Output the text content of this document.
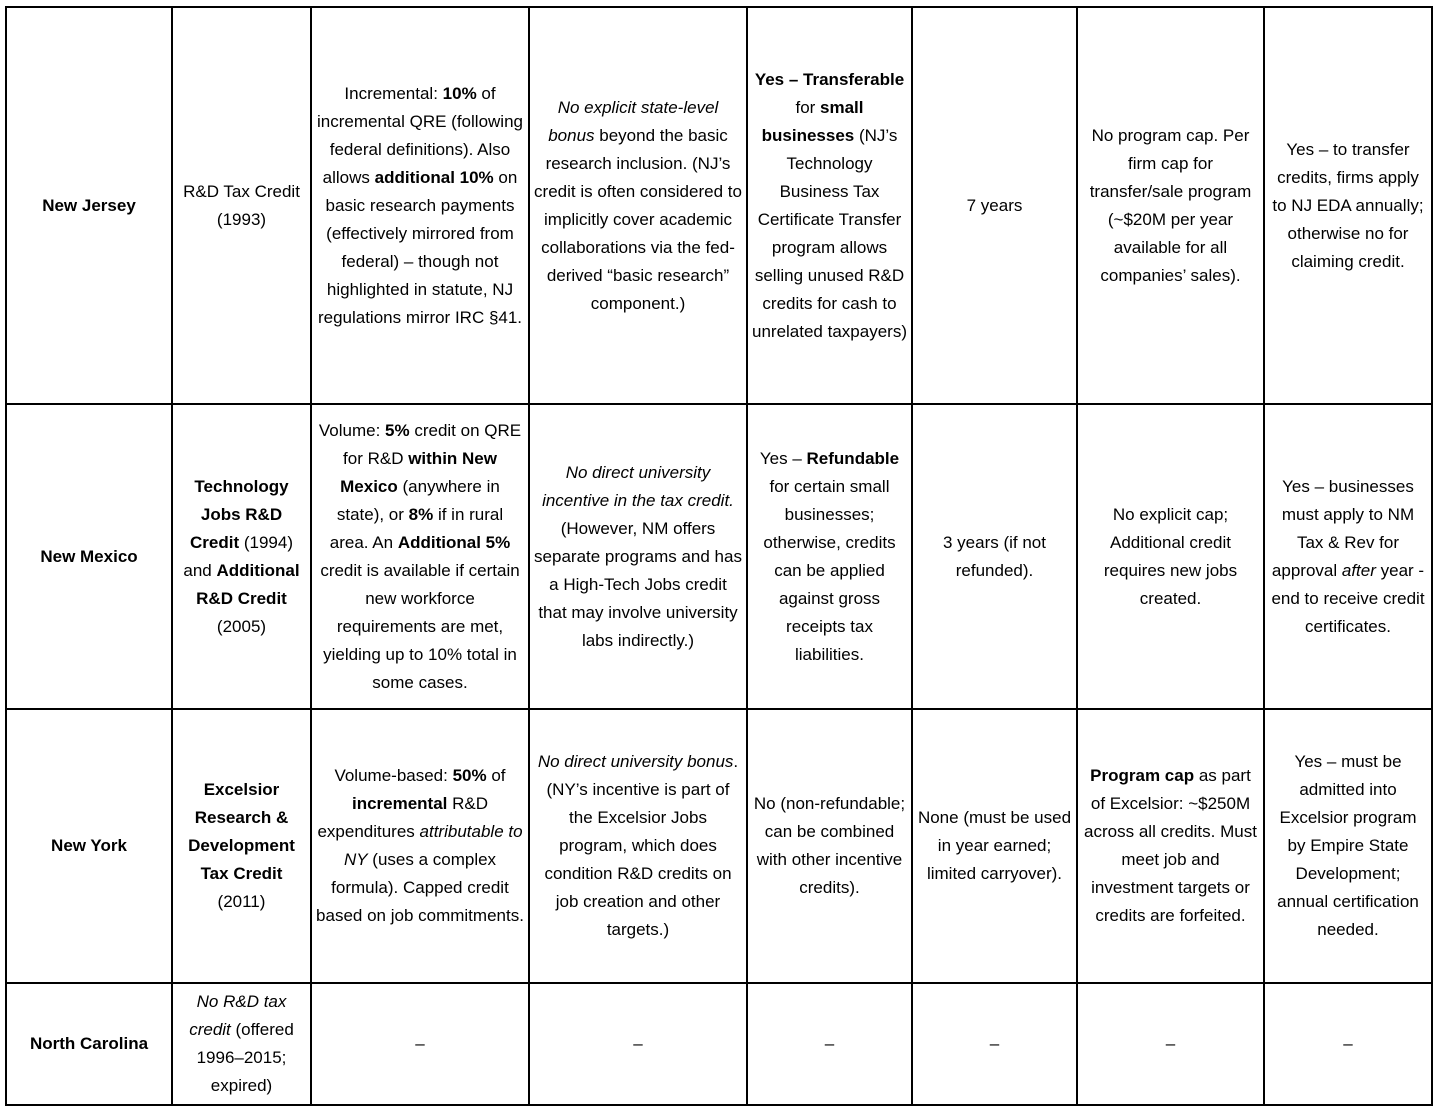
New Jersey	R&D Tax Credit (1993)	Incremental: 10% of incremental QRE (following federal definitions). Also allows additional 10% on basic research payments (effectively mirrored from federal) – though not highlighted in statute, NJ regulations mirror IRC §41.	No explicit state-level bonus beyond the basic research inclusion. (NJ’s credit is often considered to implicitly cover academic collaborations via the fed-derived “basic research” component.)	Yes – Transferable for small businesses (NJ’s Technology Business Tax Certificate Transfer program allows selling unused R&D credits for cash to unrelated taxpayers)	7 years	No program cap. Per firm cap for transfer/sale program (~$20M per year available for all companies’ sales).	Yes – to transfer credits, firms apply to NJ EDA annually; otherwise no for claiming credit.
New Mexico	Technology Jobs R&D Credit (1994) and Additional R&D Credit (2005)	Volume: 5% credit on QRE for R&D within New Mexico (anywhere in state), or 8% if in rural area. An Additional 5% credit is available if certain new workforce requirements are met, yielding up to 10% total in some cases.	No direct university incentive in the tax credit. (However, NM offers separate programs and has a High-Tech Jobs credit that may involve university labs indirectly.)	Yes – Refundable for certain small businesses; otherwise, credits can be applied against gross receipts tax liabilities.	3 years (if not refunded).	No explicit cap; Additional credit requires new jobs created.	Yes – businesses must apply to NM Tax & Rev for approval after year -end to receive credit certificates.
New York	Excelsior Research & Development Tax Credit (2011)	Volume-based: 50% of incremental R&D expenditures attributable to NY (uses a complex formula). Capped credit based on job commitments.	No direct university bonus. (NY’s incentive is part of the Excelsior Jobs program, which does condition R&D credits on job creation and other targets.)	No (non-refundable; can be combined with other incentive credits).	None (must be used in year earned; limited carryover).	Program cap as part of Excelsior: ~$250M across all credits. Must meet job and investment targets or credits are forfeited.	Yes – must be admitted into Excelsior program by Empire State Development; annual certification needed.
North Carolina	No R&D tax credit (offered 1996–2015; expired)	–	–	–	–	–	–
